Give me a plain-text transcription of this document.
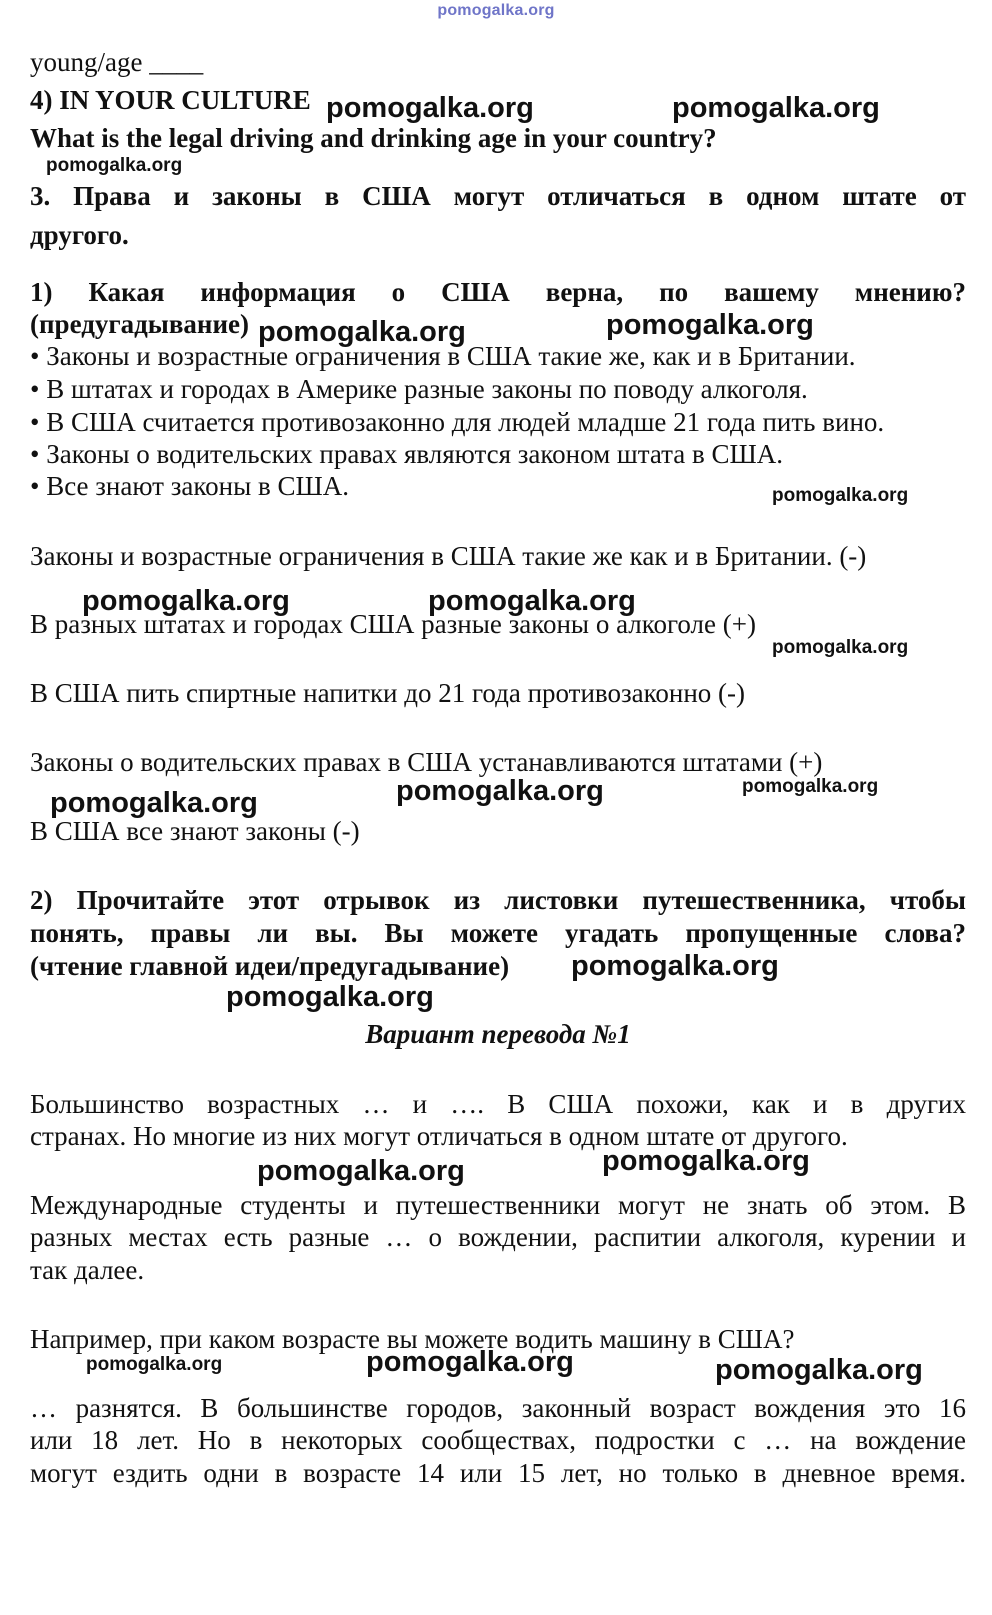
pomogalka.org
young/age ____
4) IN YOUR CULTURE
What is the legal driving and drinking age in your country?
3. Права и законы в США могут отличаться в одном штате от
другого.
1) Какая информация о США верна, по вашему мнению?
(предугадывание)
• Законы и возрастные ограничения в США такие же, как и в Британии.
• В штатах и городах в Америке разные законы по поводу алкоголя.
• В США считается противозаконно для людей младше 21 года пить вино.
• Законы о водительских правах являются законом штата в США.
• Все знают законы в США.
Законы и возрастные ограничения в США такие же как и в Британии. (-)
В разных штатах и городах США разные законы о алкоголе (+)
В США пить спиртные напитки до 21 года противозаконно (-)
Законы о водительских правах в США устанавливаются штатами (+)
В США все знают законы (-)
2) Прочитайте этот отрывок из листовки путешественника, чтобы
понять, правы ли вы. Вы можете угадать пропущенные слова?
(чтение главной идеи/предугадывание)
Вариант перевода №1
Большинство возрастных … и …. В США похожи, как и в других
странах. Но многие из них могут отличаться в одном штате от другого.
Международные студенты и путешественники могут не знать об этом. В
разных местах есть разные … о вождении, распитии алкоголя, курении и
так далее.
Например, при каком возрасте вы можете водить машину в США?
… разнятся. В большинстве городов, законный возраст вождения это 16
или 18 лет. Но в некоторых сообществах, подростки с … на вождение
могут ездить одни в возрасте 14 или 15 лет, но только в дневное время.
pomogalka.org	pomogalka.org
pomogalka.org
pomogalka.org	pomogalka.org
pomogalka.org
pomogalka.org	pomogalka.org
pomogalka.org
pomogalka.org	pomogalka.org	pomogalka.org
pomogalka.org
pomogalka.org
pomogalka.org	pomogalka.org
pomogalka.org	pomogalka.org	pomogalka.org
